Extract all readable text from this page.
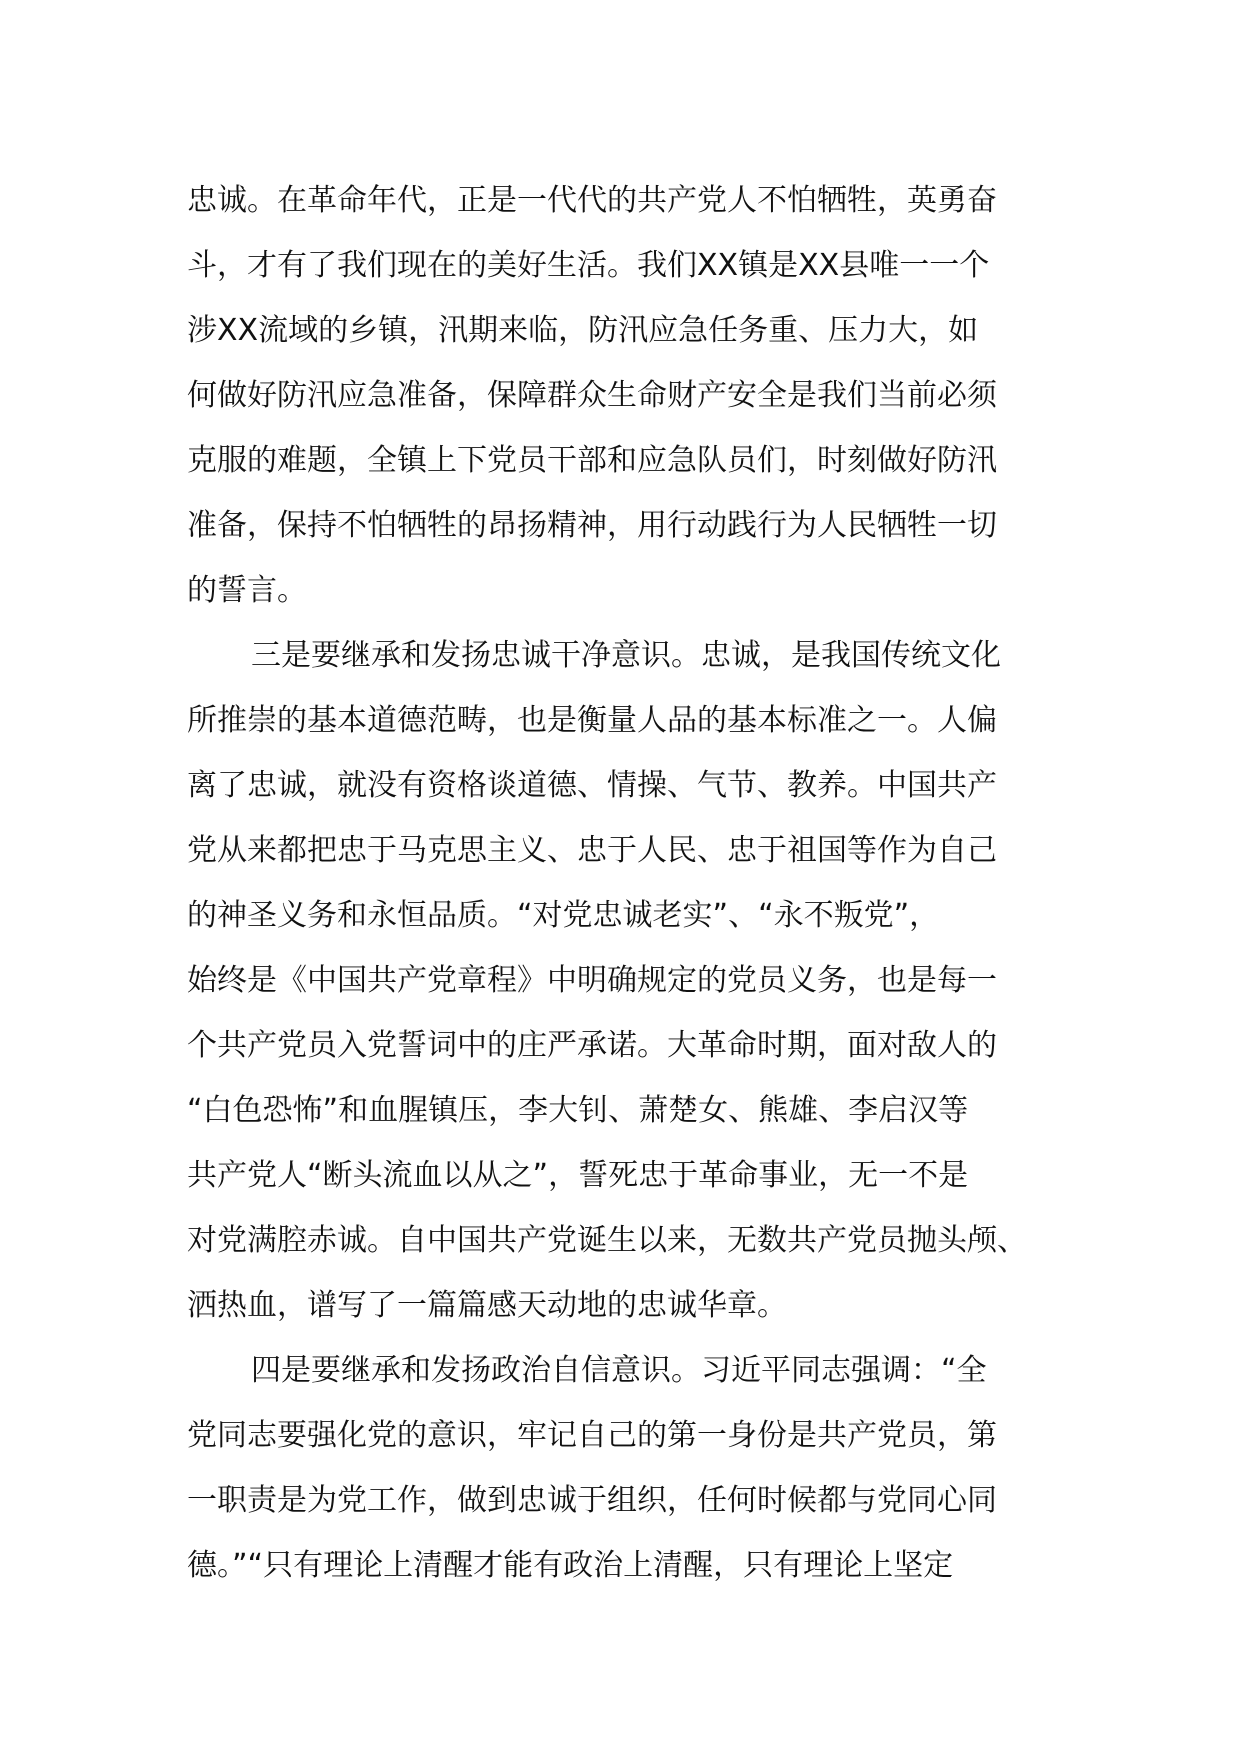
忠诚。在革命年代，正是一代代的共产党人不怕牺牲，英勇奋
斗，才有了我们现在的美好生活。我们XX镇是XX县唯一一个
涉XX流域的乡镇，汛期来临，防汛应急任务重、压力大，如
何做好防汛应急准备，保障群众生命财产安全是我们当前必须
克服的难题，全镇上下党员干部和应急队员们，时刻做好防汛
准备，保持不怕牺牲的昂扬精神，用行动践行为人民牺牲一切
的誓言。
三是要继承和发扬忠诚干净意识。忠诚，是我国传统文化
所推崇的基本道德范畴，也是衡量人品的基本标准之一。人偏
离了忠诚，就没有资格谈道德、情操、气节、教养。中国共产
党从来都把忠于马克思主义、忠于人民、忠于祖国等作为自己
的神圣义务和永恒品质。“对党忠诚老实”、“永不叛党”，
始终是《中国共产党章程》中明确规定的党员义务，也是每一
个共产党员入党誓词中的庄严承诺。大革命时期，面对敌人的
“白色恐怖”和血腥镇压，李大钊、萧楚女、熊雄、李启汉等
共产党人“断头流血以从之”，誓死忠于革命事业，无一不是
对党满腔赤诚。自中国共产党诞生以来，无数共产党员抛头颅、
洒热血，谱写了一篇篇感天动地的忠诚华章。
四是要继承和发扬政治自信意识。习近平同志强调：“全
党同志要强化党的意识，牢记自己的第一身份是共产党员，第
一职责是为党工作，做到忠诚于组织，任何时候都与党同心同
德。”“只有理论上清醒才能有政治上清醒，只有理论上坚定
